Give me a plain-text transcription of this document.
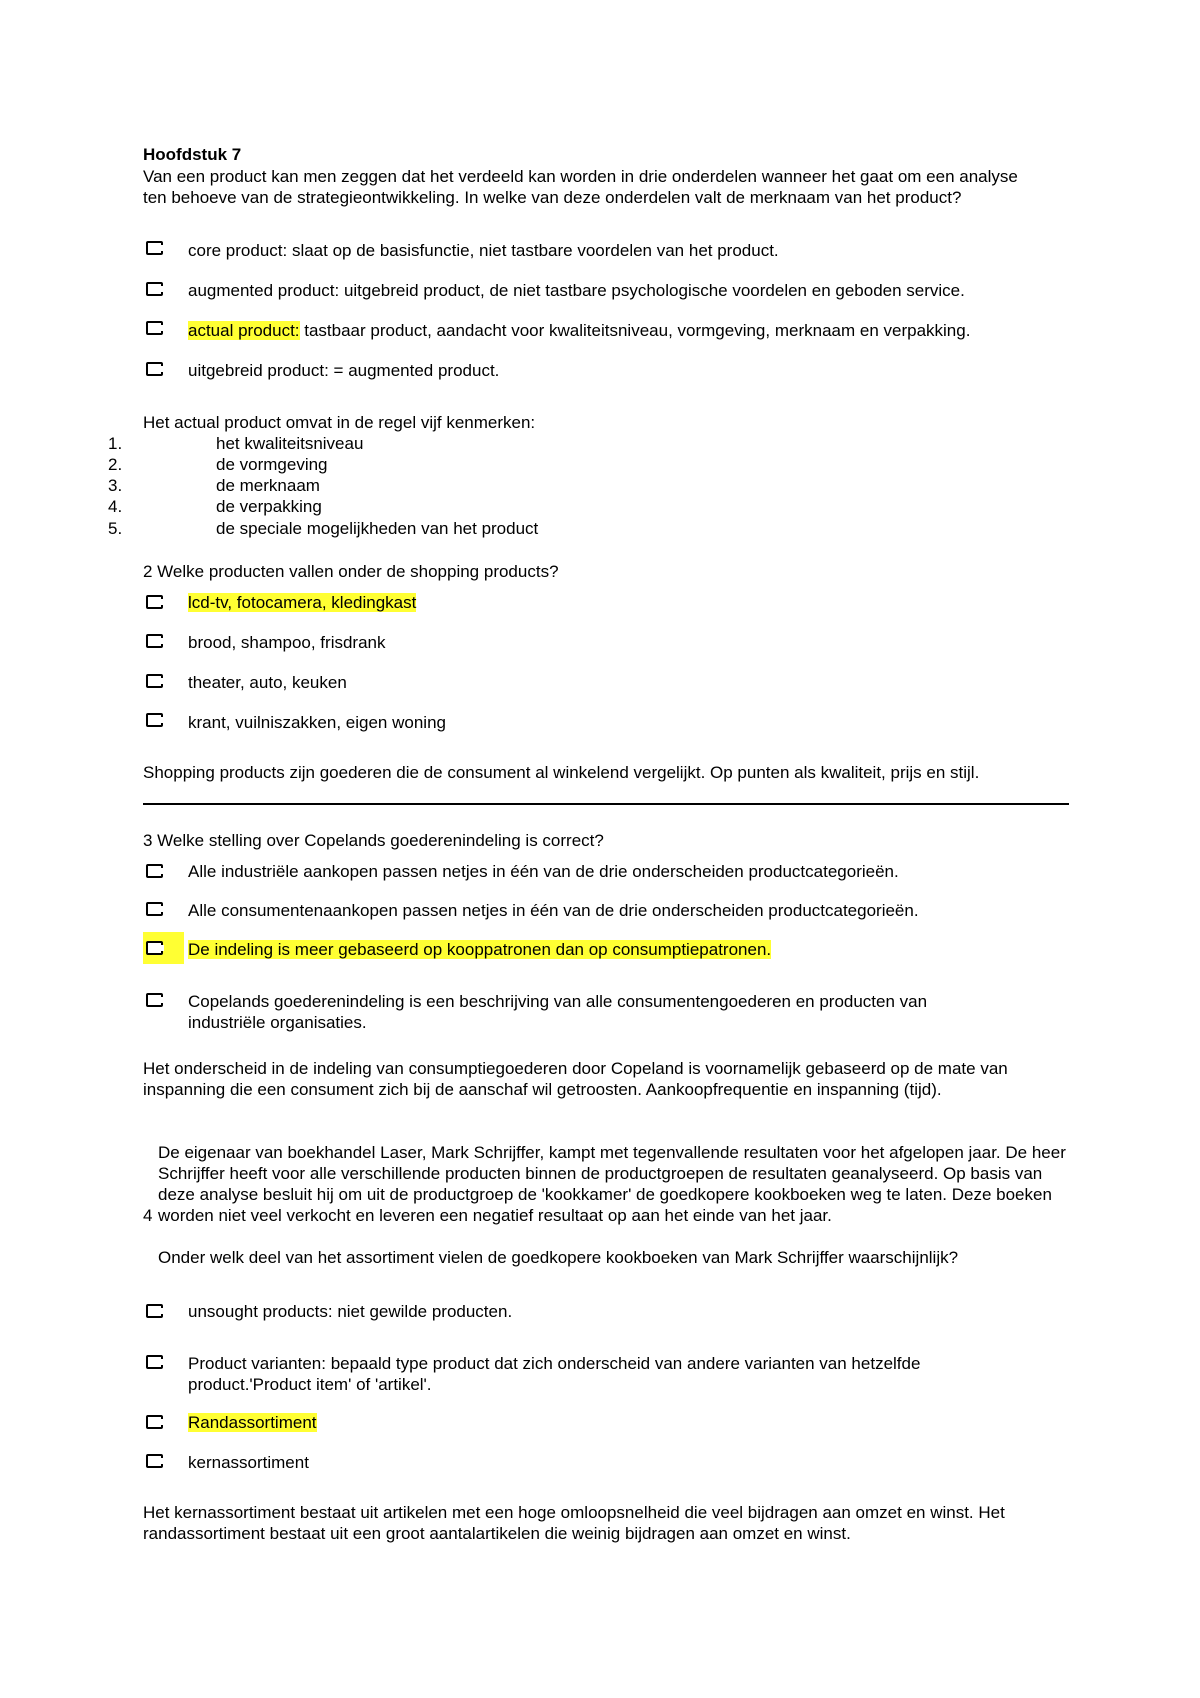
Hoofdstuk 7
Van een product kan men zeggen dat het verdeeld kan worden in drie onderdelen wanneer het gaat om een analyse ten behoeve van de strategieontwikkeling. In welke van deze onderdelen valt de merknaam van het product?
core product: slaat op de basisfunctie, niet tastbare voordelen van het product.
augmented product: uitgebreid product, de niet tastbare psychologische voordelen en geboden service.
actual product: tastbaar product, aandacht voor kwaliteitsniveau, vormgeving, merknaam en verpakking.
uitgebreid product: = augmented product.
Het actual product omvat in de regel vijf kenmerken:
1.	het kwaliteitsniveau
2.	de vormgeving
3.	de merknaam
4.	de verpakking
5.	de speciale mogelijkheden van het product
2 Welke producten vallen onder de shopping products?
lcd-tv, fotocamera, kledingkast
brood, shampoo, frisdrank
theater, auto, keuken
krant, vuilniszakken, eigen woning
Shopping products zijn goederen die de consument al winkelend vergelijkt. Op punten als kwaliteit, prijs en stijl.
3 Welke stelling over Copelands goederenindeling is correct?
Alle industriële aankopen passen netjes in één van de drie onderscheiden productcategorieën.
Alle consumentenaankopen passen netjes in één van de drie onderscheiden productcategorieën.
De indeling is meer gebaseerd op kooppatronen dan op consumptiepatronen.
Copelands goederenindeling is een beschrijving van alle consumentengoederen en producten van industriële organisaties.
Het onderscheid in de indeling van consumptiegoederen door Copeland is voornamelijk gebaseerd op de mate van inspanning die een consument zich bij de aanschaf wil getroosten. Aankoopfrequentie en inspanning (tijd).
4
De eigenaar van boekhandel Laser, Mark Schrijffer, kampt met tegenvallende resultaten voor het afgelopen jaar. De heer Schrijffer heeft voor alle verschillende producten binnen de productgroepen de resultaten geanalyseerd. Op basis van deze analyse besluit hij om uit de productgroep de 'kookkamer' de goedkopere kookboeken weg te laten. Deze boeken worden niet veel verkocht en leveren een negatief resultaat op aan het einde van het jaar.
Onder welk deel van het assortiment vielen de goedkopere kookboeken van Mark Schrijffer waarschijnlijk?
unsought products: niet gewilde producten.
Product varianten: bepaald type product dat zich onderscheid van andere varianten van hetzelfde product.'Product item' of 'artikel'.
Randassortiment
kernassortiment
Het kernassortiment bestaat uit artikelen met een hoge omloopsnelheid die veel bijdragen aan omzet en winst. Het randassortiment bestaat uit een groot aantalartikelen die weinig bijdragen aan omzet en winst.
